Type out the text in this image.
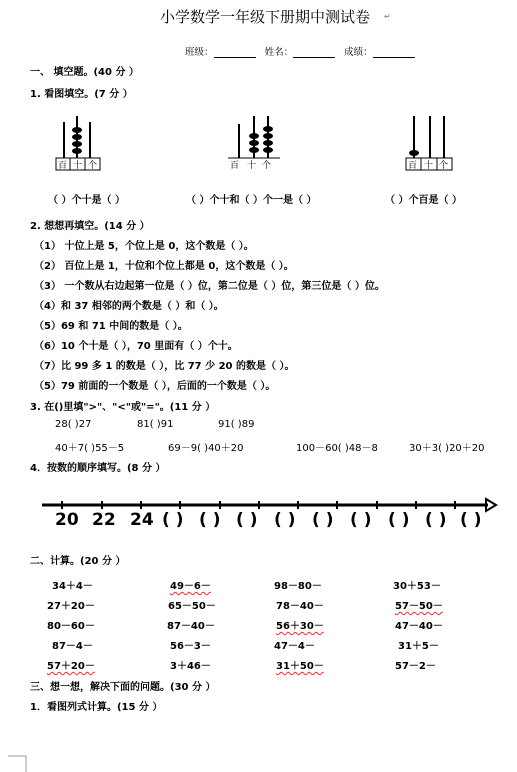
小学数学一年级下册期中测试卷 ↵
班级：	姓名：	成绩：
一、 填空题。(40 分 ）
1. 看图填空。(7 分 ）
百 十 个	百 十 个	百 十 个
（ ）个十是（ ）	（ ）个十和（ ）个一是（ ）	（ ）个百是（ ）
2. 想想再填空。(14 分 ）
（1） 十位上是 5，个位上是 0，这个数是（ ）。
（2） 百位上是 1，十位和个位上都是 0，这个数是（ ）。
（3） 一个数从右边起第一位是（ ）位，第二位是（ ）位，第三位是（ ）位。
（4）和 37 相邻的两个数是（ ）和（ ）。
（5）69 和 71 中间的数是（ ）。
（6）10 个十是（ ），70 里面有（ ）个十。
（7）比 99 多 1 的数是（ ），比 77 少 20 的数是（ ）。
（5）79 前面的一个数是（ ），后面的一个数是（ ）。
3. 在()里填">"、"<"或"="。(11 分 ）
28( )27	81( )91	91( )89
40＋7( )55－5	69－9( )40＋20	100－60( )48－8	30＋3( )20＋20
4．按数的顺序填写。(8 分 ）
20 22 24 ( ) ( ) ( ) ( ) ( ) ( ) ( ) ( ) ( )
二、计算。(20 分 ）
34＋4－	49－6－	98－80－	30＋53－
27＋20－	65－50－	78－40－	57－50－
80－60－	87－40－	56＋30－	47－40－
87－4－	56－3－	47－4－	31＋5－
57＋20－	3＋46－	31＋50－	57－2－
三、想一想，解决下面的问题。(30 分 ）
1．看图列式计算。(15 分 ）
